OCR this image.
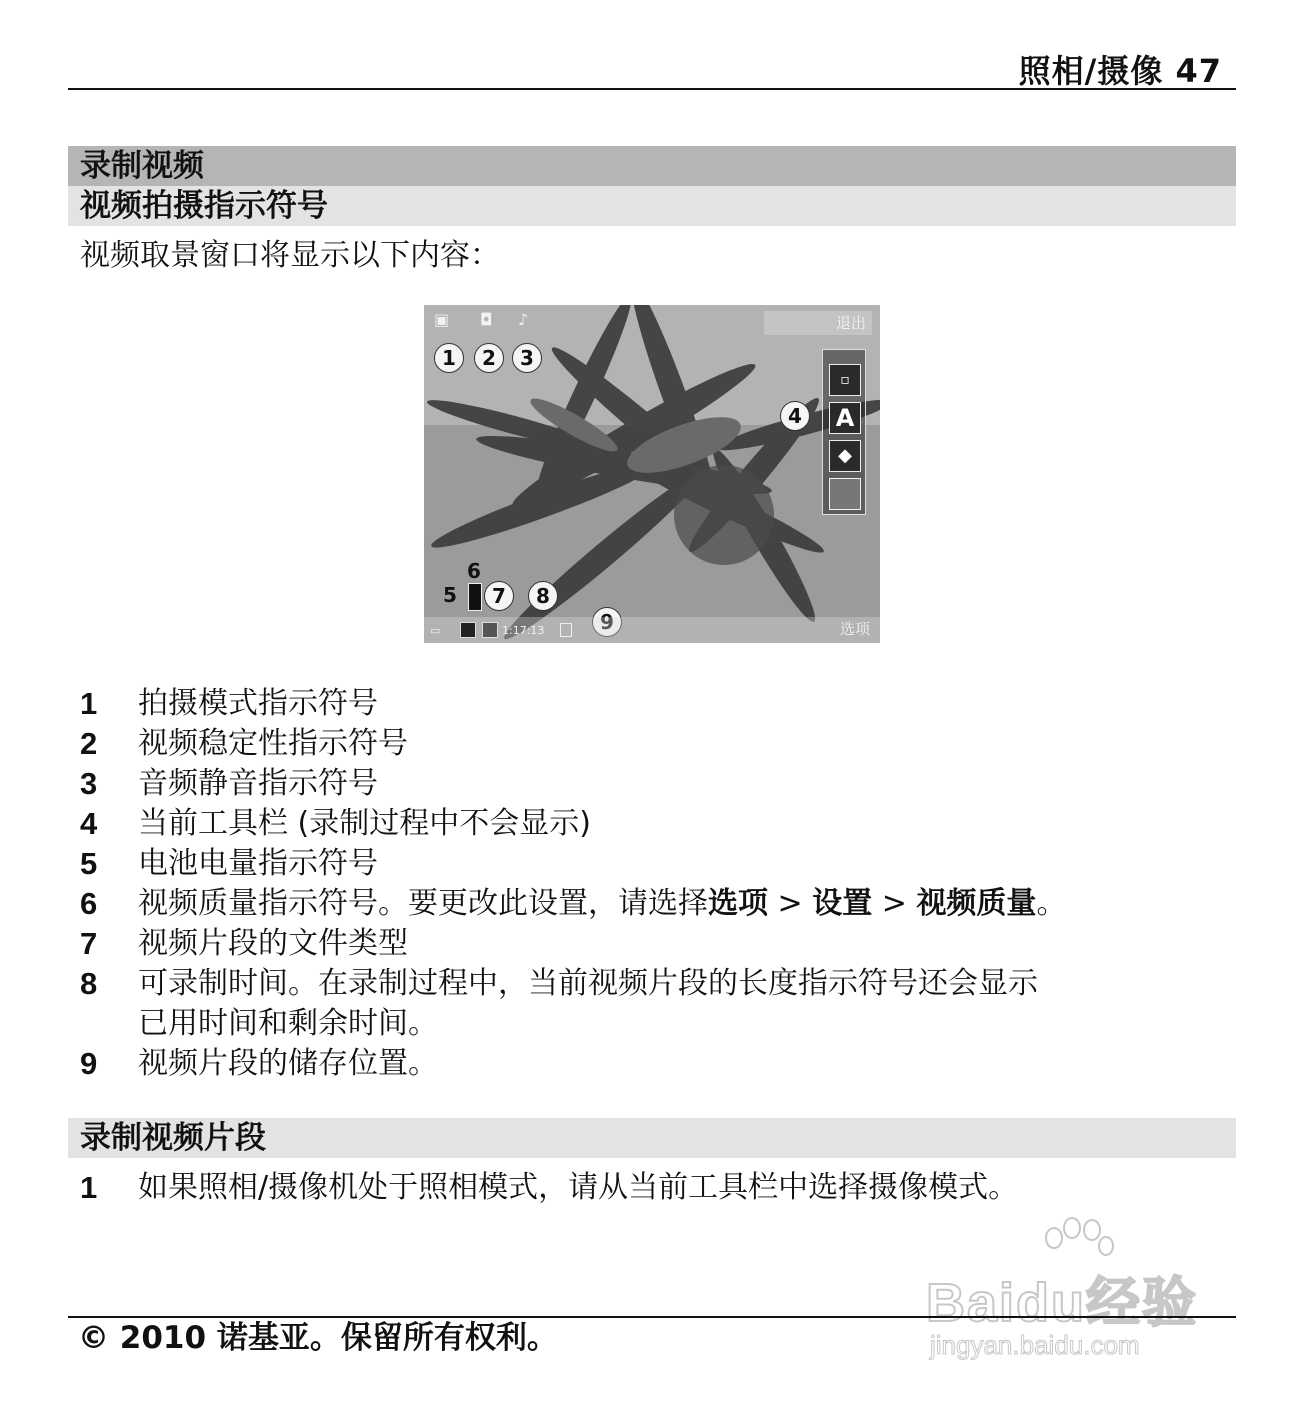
照相/摄像 47
录制视频
视频拍摄指示符号
视频取景窗口将显示以下内容：
退出
▣	◘	♪
1	2	3
▫
A
◆
4
6
5	7	8
9
▭	1:17:13	选项
1 拍摄模式指示符号
2 视频稳定性指示符号
3 音频静音指示符号
4 当前工具栏 (录制过程中不会显示)
5 电池电量指示符号
6 视频质量指示符号。要更改此设置，请选择选项 > 设置 > 视频质量。
7 视频片段的文件类型
8 可录制时间。在录制过程中，当前视频片段的长度指示符号还会显示
已用时间和剩余时间。
9 视频片段的储存位置。
录制视频片段
1 如果照相/摄像机处于照相模式，请从当前工具栏中选择摄像模式。
Baidu经验
jingyan.baidu.com
© 2010 诺基亚。保留所有权利。
